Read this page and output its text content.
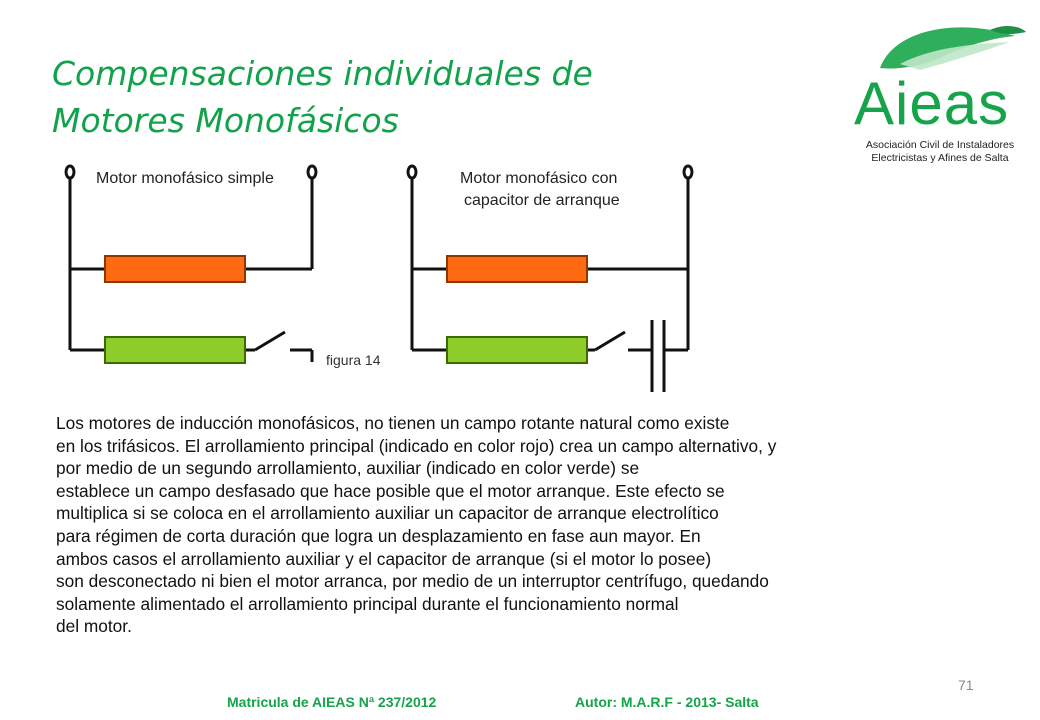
Compensaciones individuales de
Motores Monofásicos	Aieas
Asociación Civil de Instaladores
Electricistas y Afines de Salta
Motor monofásico simple	Motor monofásico con
capacitor de arranque
figura 14
Los motores de inducción monofásicos, no tienen un campo rotante natural como existe
en los trifásicos. El arrollamiento principal (indicado en color rojo) crea un campo alternativo, y
por medio de un segundo arrollamiento, auxiliar (indicado en color verde) se
establece un campo desfasado que hace posible que el motor arranque. Este efecto se
multiplica si se coloca en el arrollamiento auxiliar un capacitor de arranque electrolítico
para régimen de corta duración que logra un desplazamiento en fase aun mayor. En
ambos casos el arrollamiento auxiliar y el capacitor de arranque (si el motor lo posee)
son desconectado ni bien el motor arranca, por medio de un interruptor centrífugo, quedando
solamente alimentado el arrollamiento principal durante el funcionamiento normal
del motor.
71
Matricula de AIEAS Nª 237/2012	Autor: M.A.R.F - 2013- Salta
